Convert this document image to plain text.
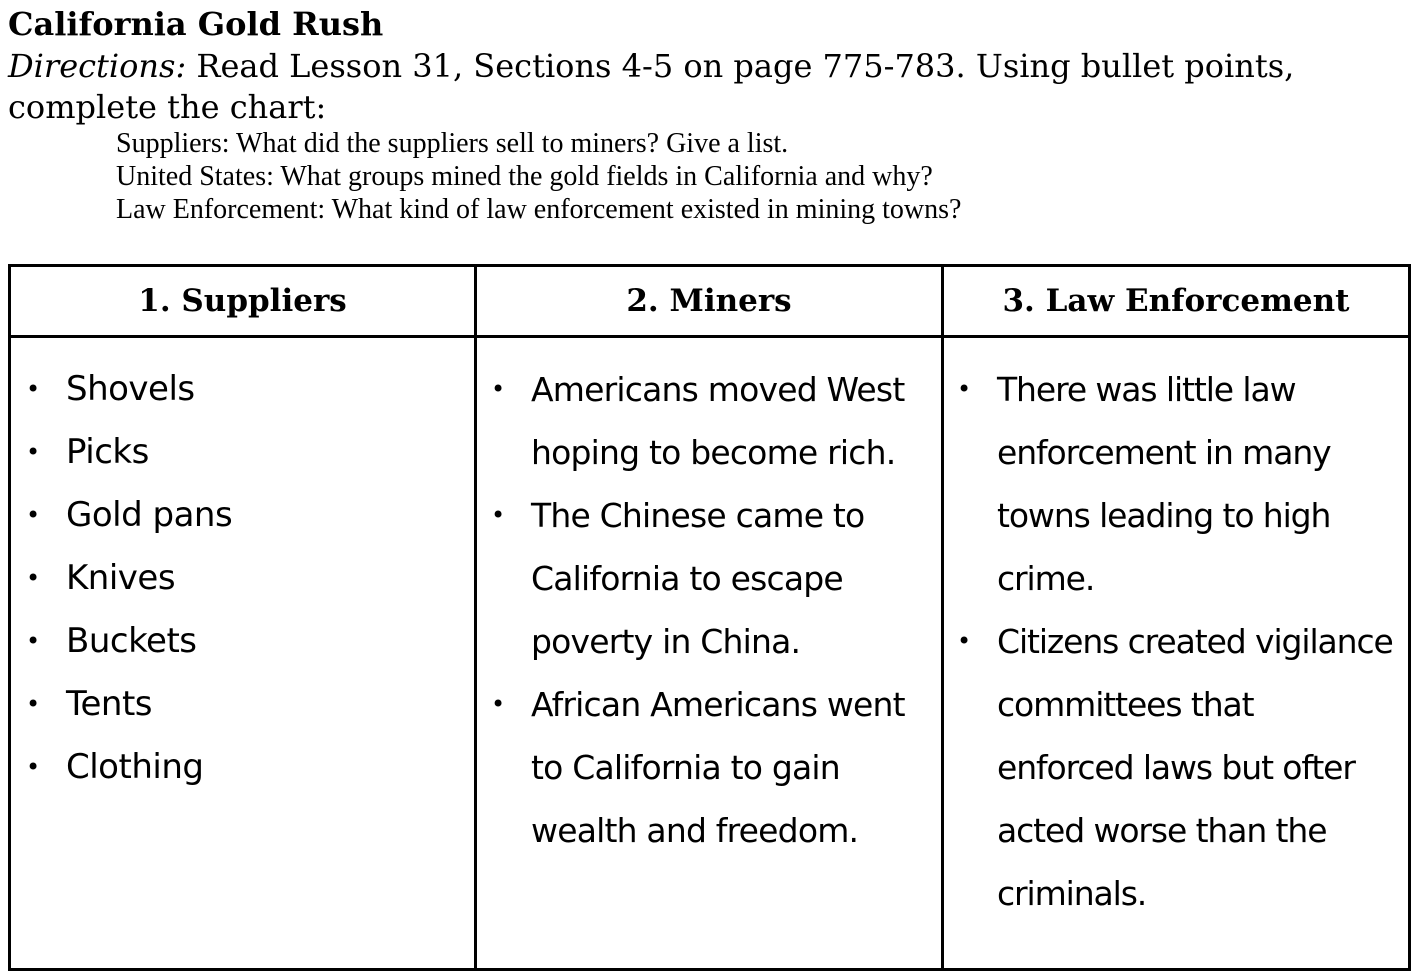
California Gold Rush
Directions: Read Lesson 31, Sections 4-5 on page 775-783. Using bullet points, complete the chart:
Suppliers: What did the suppliers sell to miners? Give a list.
United States: What groups mined the gold fields in California and why?
Law Enforcement: What kind of law enforcement existed in mining towns?
1. Suppliers
• Shovels
• Picks
• Gold pans
• Knives
• Buckets
• Tents
• Clothing
2. Miners
• Americans moved West hoping to become rich.
• The Chinese came to California to escape poverty in China.
• African Americans went to California to gain wealth and freedom.
3. Law Enforcement
• There was little law enforcement in many towns leading to high crime.
• Citizens created vigilance committees that enforced laws but ofter acted worse than the criminals.
